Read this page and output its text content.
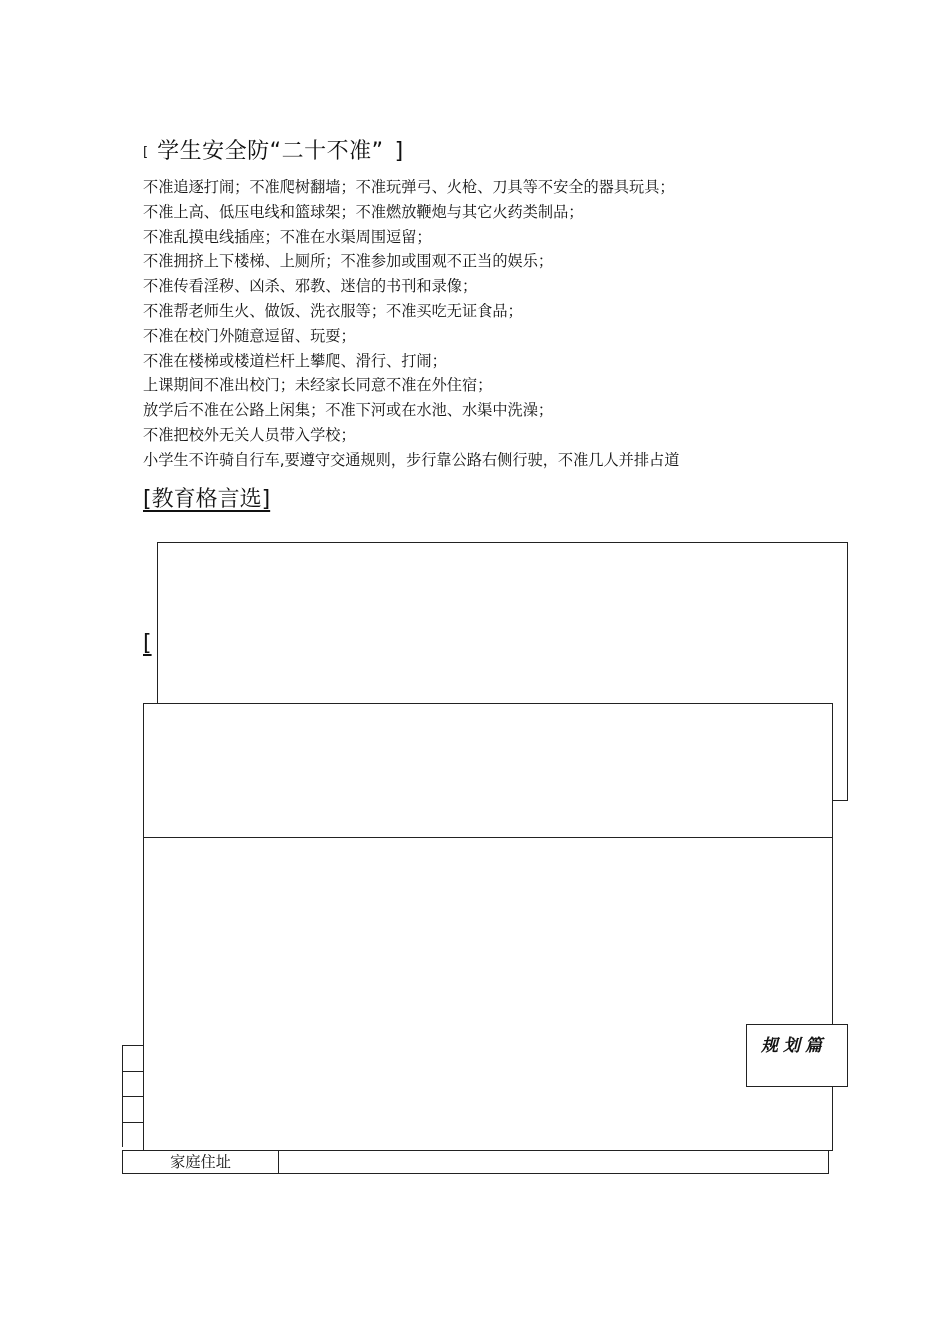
[ 学生安全防“二十不准” ]
不准追逐打闹；不准爬树翻墙；不准玩弹弓、火枪、刀具等不安全的器具玩具；
不准上高、低压电线和篮球架；不准燃放鞭炮与其它火药类制品；
不准乱摸电线插座；不准在水渠周围逗留；
不准拥挤上下楼梯、上厕所；不准参加或围观不正当的娱乐；
不准传看淫秽、凶杀、邪教、迷信的书刊和录像；
不准帮老师生火、做饭、洗衣服等；不准买吃无证食品；
不准在校门外随意逗留、玩耍；
不准在楼梯或楼道栏杆上攀爬、滑行、打闹；
上课期间不准出校门；未经家长同意不准在外住宿；
放学后不准在公路上闲集；不准下河或在水池、水渠中洗澡；
不准把校外无关人员带入学校；
小学生不许骑自行车,要遵守交通规则，步行靠公路右侧行驶，不准几人并排占道
[教育格言选]
[
家庭住址
规划篇
